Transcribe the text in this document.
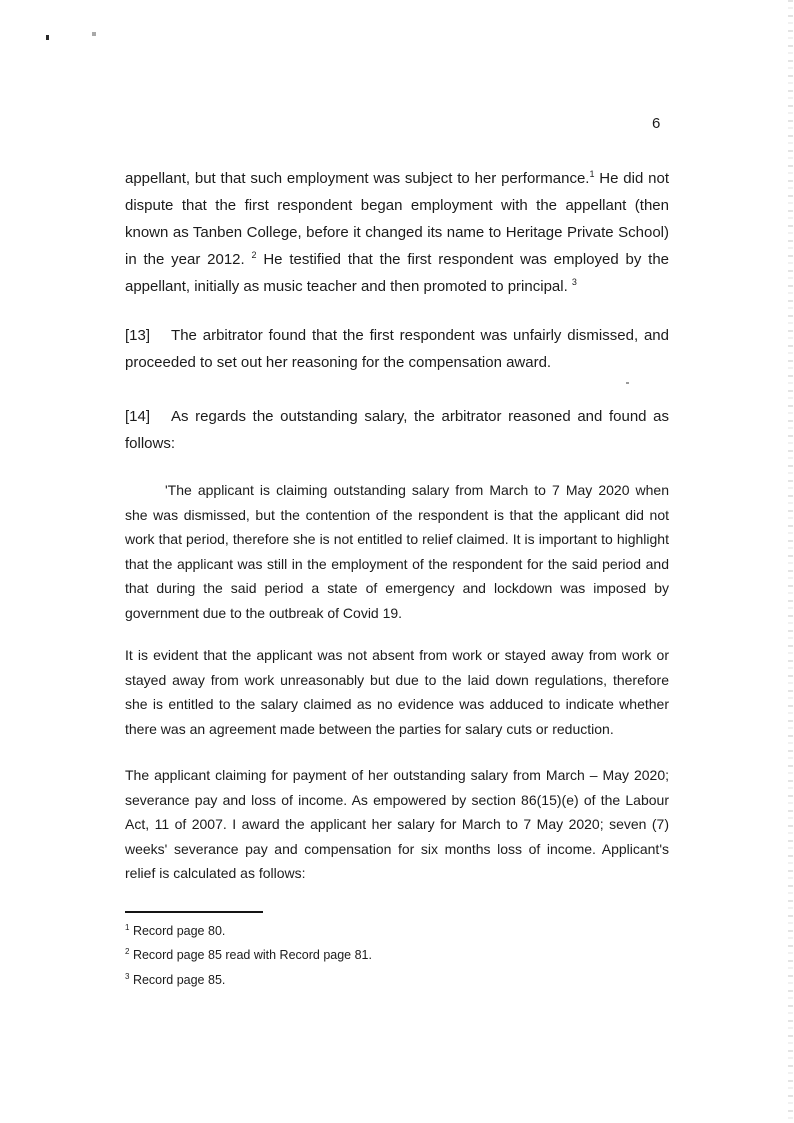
6

appellant, but that such employment was subject to her performance.$^1$ He did not dispute that the first respondent began employment with the appellant (then known as Tanben College, before it changed its name to Heritage Private School) in the year 2012. $^2$ He testified that the first respondent was employed by the appellant, initially as music teacher and then promoted to principal. $^3$

[13] The arbitrator found that the first respondent was unfairly dismissed, and proceeded to set out her reasoning for the compensation award.

[14] As regards the outstanding salary, the arbitrator reasoned and found as follows:

'The applicant is claiming outstanding salary from March to 7 May 2020 when she was dismissed, but the contention of the respondent is that the applicant did not work that period, therefore she is not entitled to relief claimed. It is important to highlight that the applicant was still in the employment of the respondent for the said period and that during the said period a state of emergency and lockdown was imposed by government due to the outbreak of Covid 19.

It is evident that the applicant was not absent from work or stayed away from work or stayed away from work unreasonably but due to the laid down regulations, therefore she is entitled to the salary claimed as no evidence was adduced to indicate whether there was an agreement made between the parties for salary cuts or reduction.

The applicant claiming for payment of her outstanding salary from March – May 2020; severance pay and loss of income. As empowered by section 86(15)(e) of the Labour Act, 11 of 2007. I award the applicant her salary for March to 7 May 2020; seven (7) weeks' severance pay and compensation for six months loss of income. Applicant's relief is calculated as follows:

$^1$ Record page 80.

$^2$ Record page 85 read with Record page 81.

$^3$ Record page 85.
